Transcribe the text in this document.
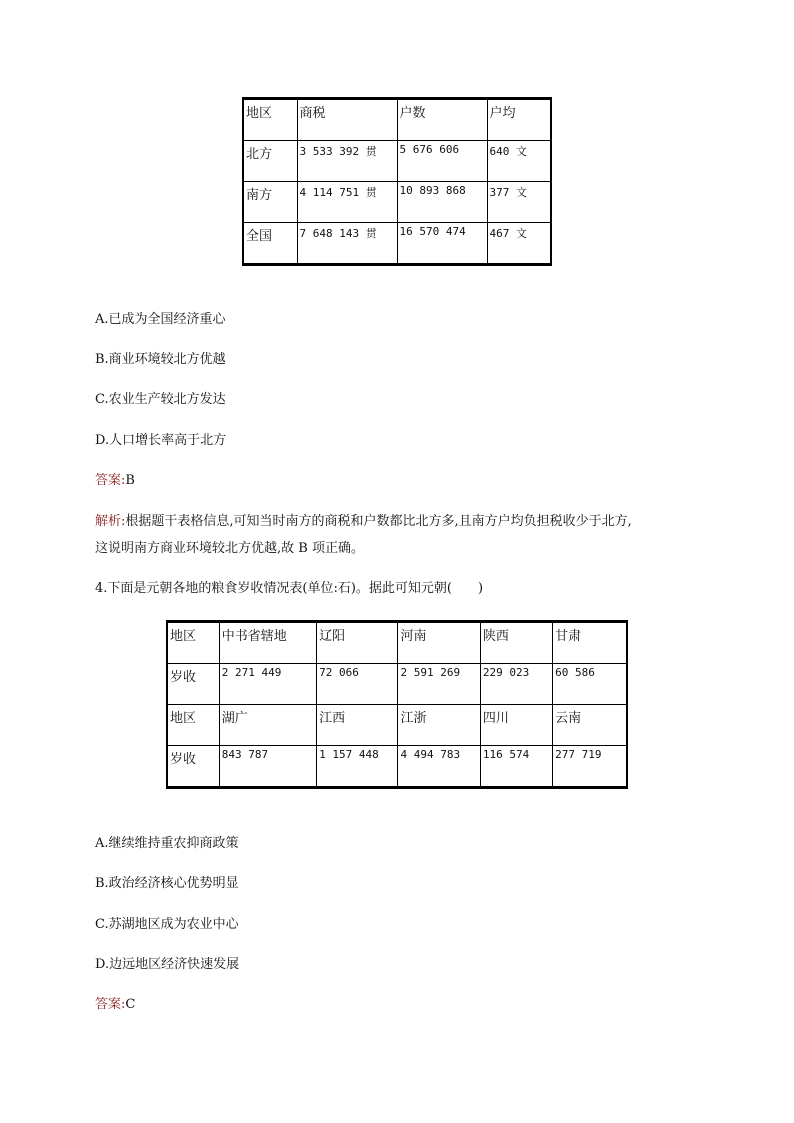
地区	商税	户数	户均
北方	3 533 392 贯	5 676 606	640 文
南方	4 114 751 贯	10 893 868	377 文
全国	7 648 143 贯	16 570 474	467 文
A.已成为全国经济重心
B.商业环境较北方优越
C.农业生产较北方发达
D.人口增长率高于北方
答案:B
解析:根据题干表格信息,可知当时南方的商税和户数都比北方多,且南方户均负担税收少于北方,
这说明南方商业环境较北方优越,故 B 项正确。
4.下面是元朝各地的粮食岁收情况表(单位:石)。据此可知元朝(　　)
地区	中书省辖地	辽阳	河南	陕西	甘肃
岁收	2 271 449	72 066	2 591 269	229 023	60 586
地区	湖广	江西	江浙	四川	云南
岁收	843 787	1 157 448	4 494 783	116 574	277 719
A.继续维持重农抑商政策
B.政治经济核心优势明显
C.苏湖地区成为农业中心
D.边远地区经济快速发展
答案:C
